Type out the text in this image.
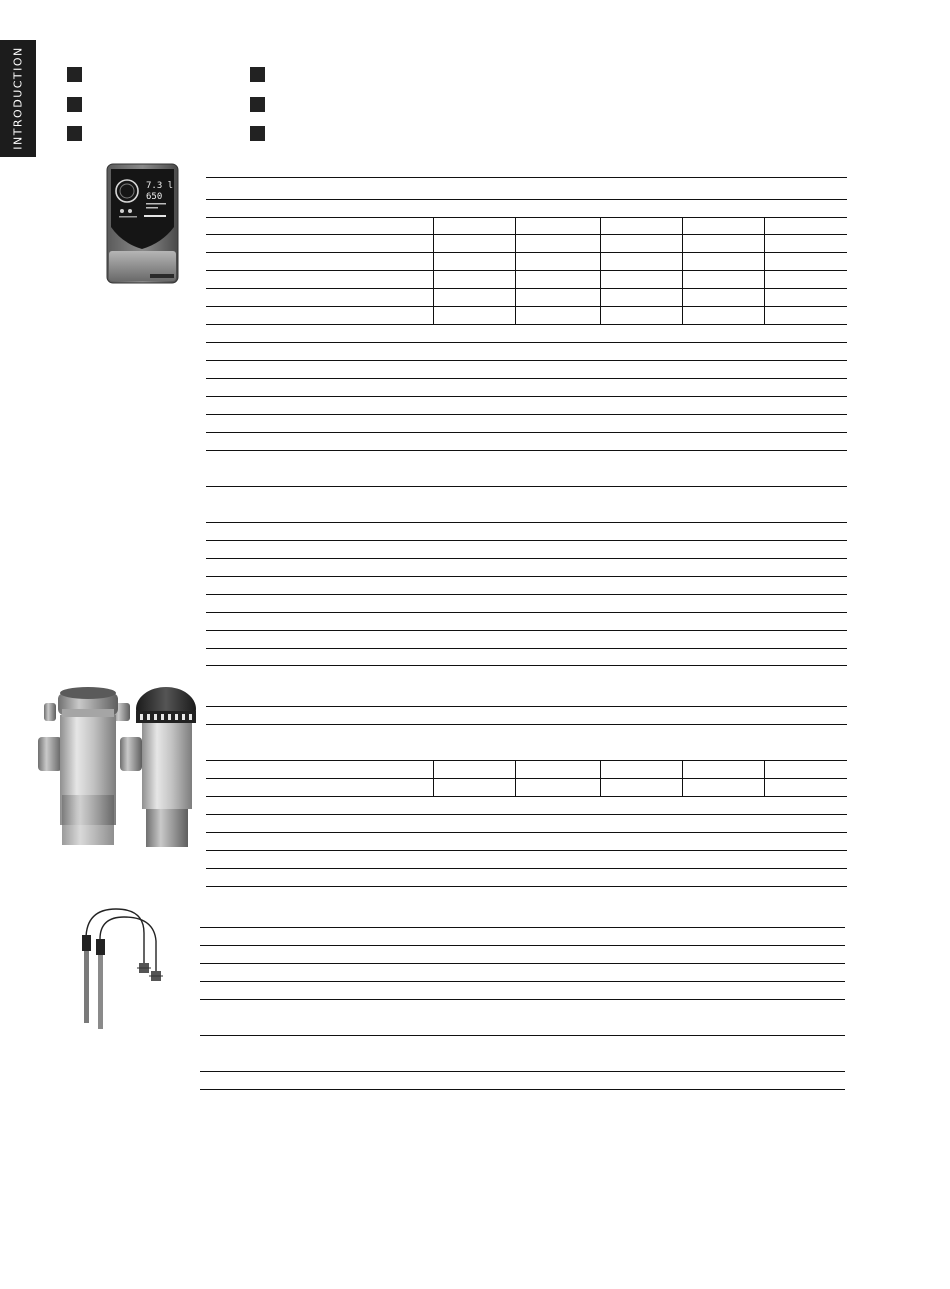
INTRODUCTION
7.3 l
650
